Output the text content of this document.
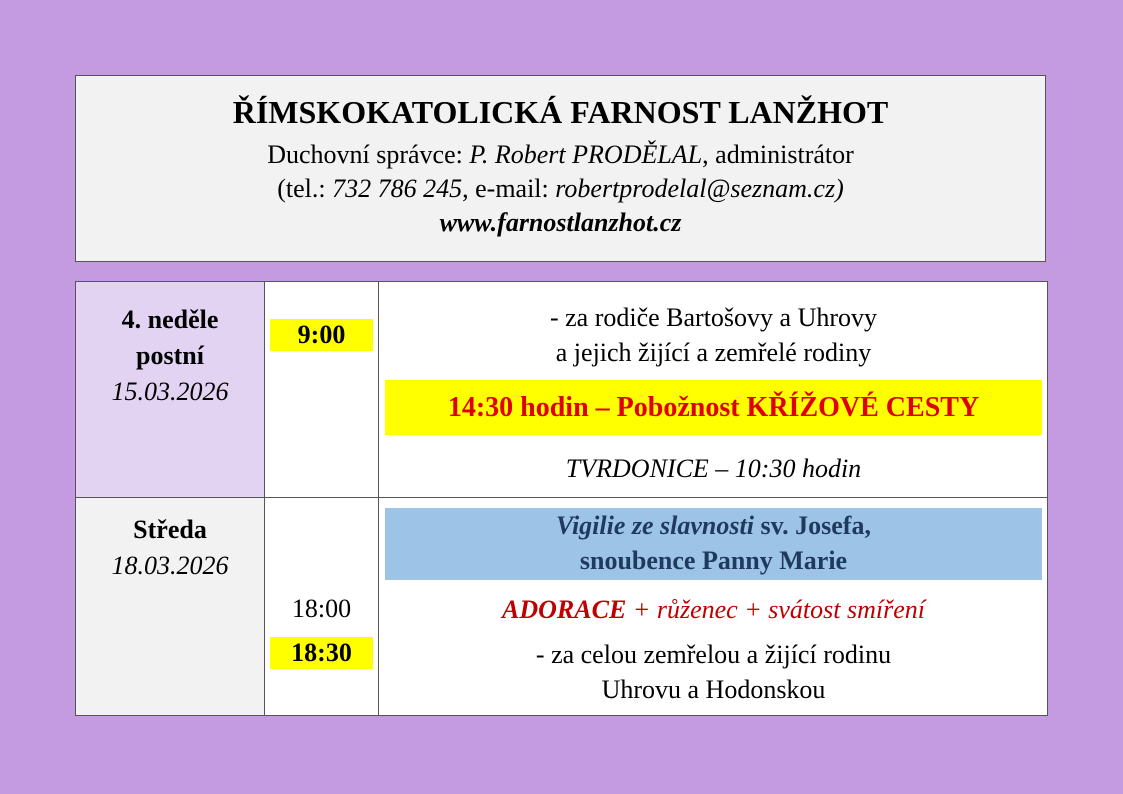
ŘÍMSKOKATOLICKÁ FARNOST LANŽHOT
Duchovní správce: P. Robert PRODĚLAL, administrátor
(tel.: 732 786 245, e-mail: robertprodelal@seznam.cz)
www.farnostlanzhot.cz
4. neděle
postní
15.03.2026
Středa
18.03.2026
9:00
- za rodiče Bartošovy a Uhrovy
a jejich žijící a zemřelé rodiny
14:30 hodin – Pobožnost KŘÍŽOVÉ CESTY
TVRDONICE – 10:30 hodin
Vigilie ze slavnosti sv. Josefa,
snoubence Panny Marie
18:00
18:30
ADORACE + růženec + svátost smíření
- za celou zemřelou a žijící rodinu
Uhrovu a Hodonskou
